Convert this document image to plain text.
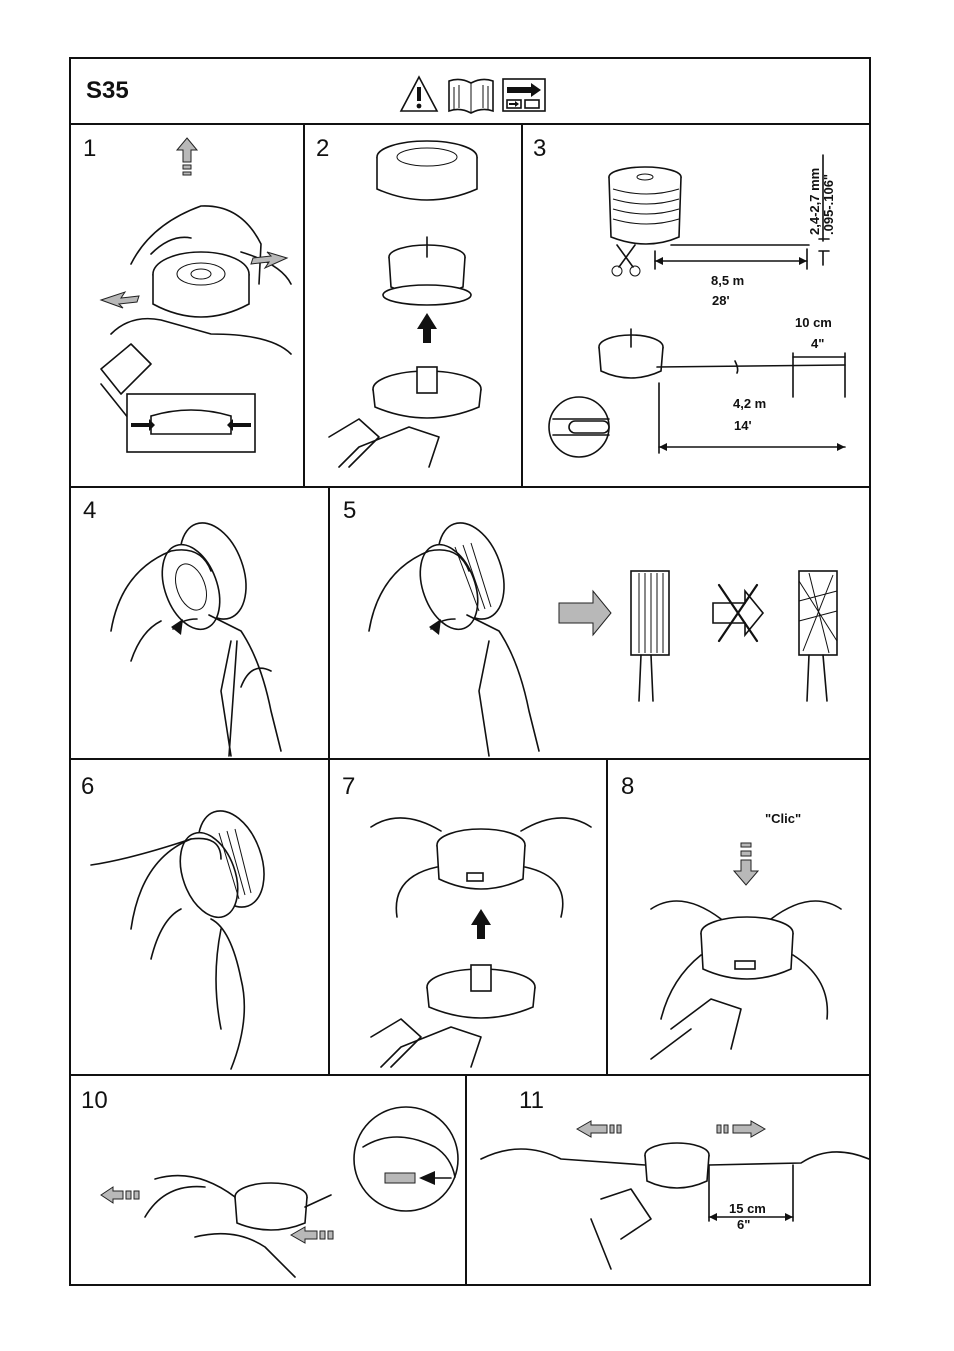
S35
1	2	3
4	5
6	7	8
10	11
2,4-2,7 mm .095-.106"
8,5 m
28'
10 cm
4"
4,2 m
14'
"Clic"
15 cm
6"
